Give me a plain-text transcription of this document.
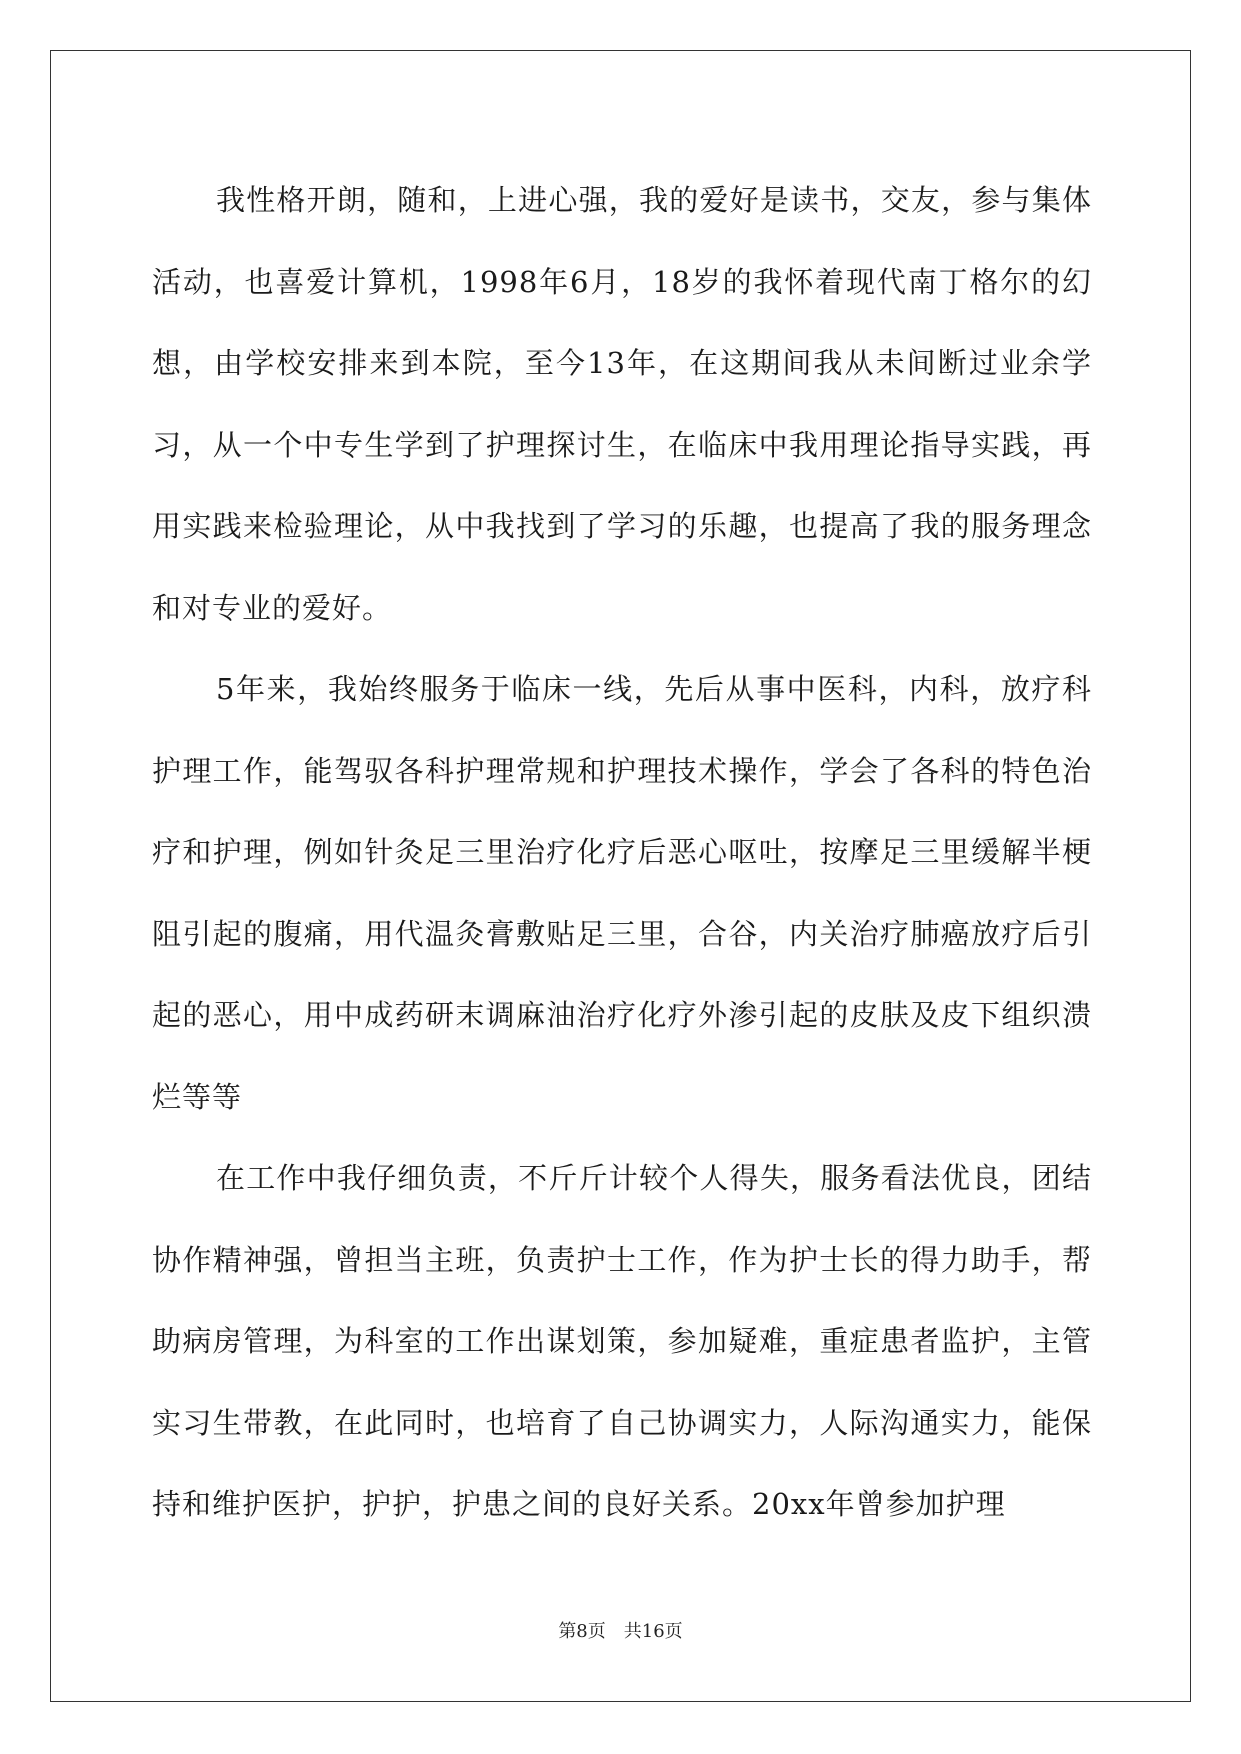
我性格开朗，随和，上进心强，我的爱好是读书，交友，参与集体活动，也喜爱计算机，1998年6月，18岁的我怀着现代南丁格尔的幻想，由学校安排来到本院，至今13年，在这期间我从未间断过业余学习，从一个中专生学到了护理探讨生，在临床中我用理论指导实践，再用实践来检验理论，从中我找到了学习的乐趣，也提高了我的服务理念和对专业的爱好。

5年来，我始终服务于临床一线，先后从事中医科，内科，放疗科护理工作，能驾驭各科护理常规和护理技术操作，学会了各科的特色治疗和护理，例如针灸足三里治疗化疗后恶心呕吐，按摩足三里缓解半梗阻引起的腹痛，用代温灸膏敷贴足三里，合谷，内关治疗肺癌放疗后引起的恶心，用中成药研末调麻油治疗化疗外渗引起的皮肤及皮下组织溃烂等等

在工作中我仔细负责，不斤斤计较个人得失，服务看法优良，团结协作精神强，曾担当主班，负责护士工作，作为护士长的得力助手，帮助病房管理，为科室的工作出谋划策，参加疑难，重症患者监护，主管实习生带教，在此同时，也培育了自己协调实力，人际沟通实力，能保持和维护医护，护护，护患之间的良好关系。20xx年曾参加护理

第8页　共16页
